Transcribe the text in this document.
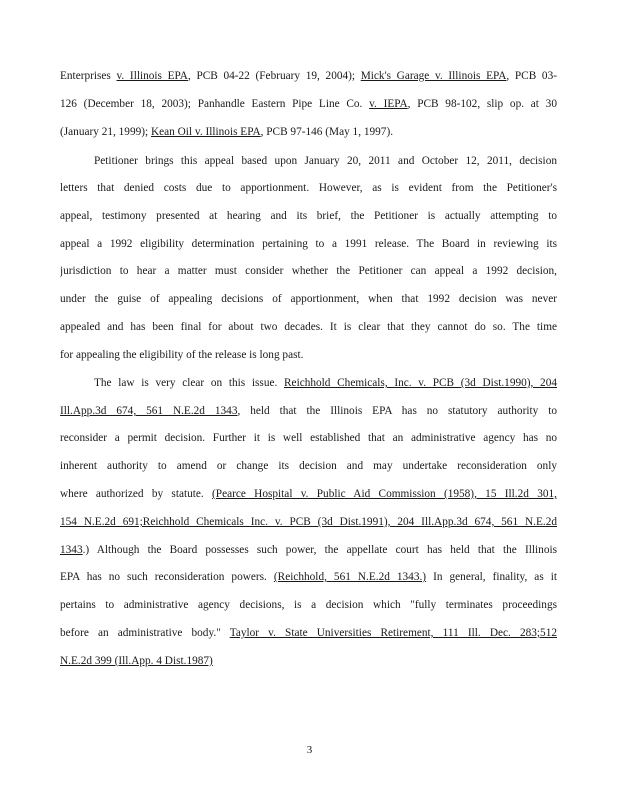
Enterprises v. Illinois EPA, PCB 04-22 (February 19, 2004); Mick's Garage v. Illinois EPA, PCB 03-
126 (December 18, 2003); Panhandle Eastern Pipe Line Co. v. IEPA, PCB 98-102, slip op. at 30
(January 21, 1999); Kean Oil v. Illinois EPA, PCB 97-146 (May 1, 1997).
Petitioner brings this appeal based upon January 20, 2011 and October 12, 2011, decision
letters that denied costs due to apportionment. However, as is evident from the Petitioner's
appeal, testimony presented at hearing and its brief, the Petitioner is actually attempting to
appeal a 1992 eligibility determination pertaining to a 1991 release. The Board in reviewing its
jurisdiction to hear a matter must consider whether the Petitioner can appeal a 1992 decision,
under the guise of appealing decisions of apportionment, when that 1992 decision was never
appealed and has been final for about two decades. It is clear that they cannot do so. The time
for appealing the eligibility of the release is long past.
The law is very clear on this issue. Reichhold Chemicals, Inc. v. PCB (3d Dist.1990), 204
Ill.App.3d 674, 561 N.E.2d 1343, held that the Illinois EPA has no statutory authority to
reconsider a permit decision. Further it is well established that an administrative agency has no
inherent authority to amend or change its decision and may undertake reconsideration only
where authorized by statute. (Pearce Hospital v. Public Aid Commission (1958), 15 Ill.2d 301,
154 N.E.2d 691;Reichhold Chemicals Inc. v. PCB (3d Dist.1991), 204 Ill.App.3d 674, 561 N.E.2d
1343.) Although the Board possesses such power, the appellate court has held that the Illinois
EPA has no such reconsideration powers. (Reichhold, 561 N.E.2d 1343.) In general, finality, as it
pertains to administrative agency decisions, is a decision which "fully terminates proceedings
before an administrative body." Taylor v. State Universities Retirement, 111 Ill. Dec. 283;512
N.E.2d 399 (Ill.App. 4 Dist.1987)
3
